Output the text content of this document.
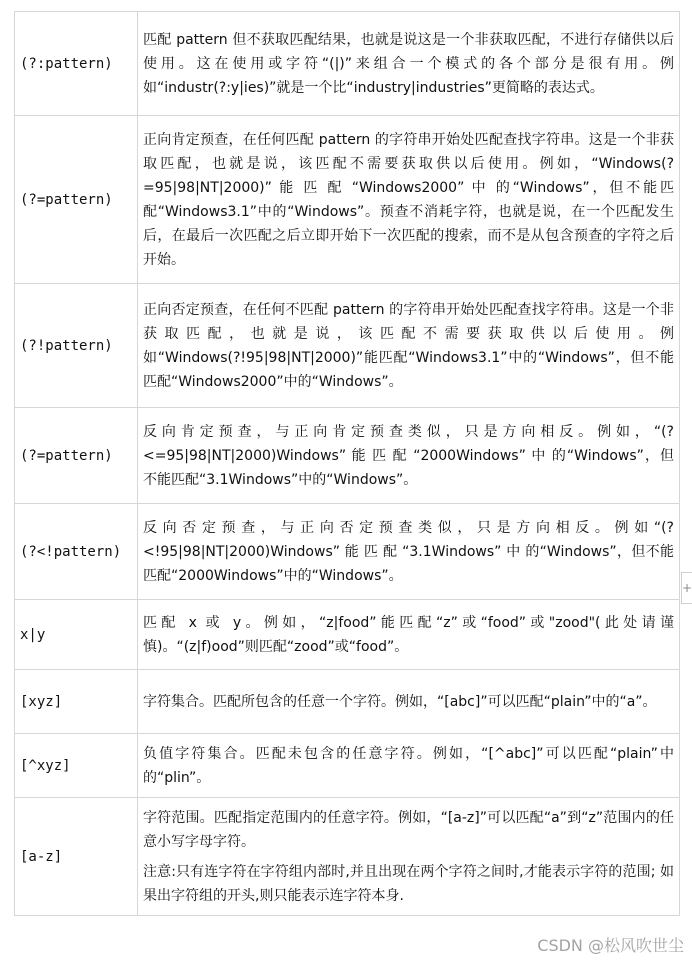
(?:pattern)	匹配 pattern 但不获取匹配结果，也就是说这是一个非获取匹配，不进行存储供以后使用。这在使用或字符“(|)”来组合一个模式的各个部分是很有用。例如“industr(?:y|ies)”就是一个比“industry|industries”更简略的表达式。

(?=pattern)	正向肯定预查，在任何匹配 pattern 的字符串开始处匹配查找字符串。这是一个非获取匹配，也就是说，该匹配不需要获取供以后使用。例如，“Windows(?=95|98|NT|2000)” 能 匹 配 “Windows2000” 中 的“Windows”，但不能匹配“Windows3.1”中的“Windows”。预查不消耗字符，也就是说，在一个匹配发生后，在最后一次匹配之后立即开始下一次匹配的搜索，而不是从包含预查的字符之后开始。

(?!pattern)	正向否定预查，在任何不匹配 pattern 的字符串开始处匹配查找字符串。这是一个非获取匹配，也就是说，该匹配不需要获取供以后使用。例如“Windows(?!95|98|NT|2000)”能匹配“Windows3.1”中的“Windows”，但不能匹配“Windows2000”中的“Windows”。

(?=pattern)	反向肯定预查，与正向肯定预查类似，只是方向相反。例如，“(?<=95|98|NT|2000)Windows” 能 匹 配 “2000Windows” 中 的“Windows”，但不能匹配“3.1Windows”中的“Windows”。

(?<!pattern)	反向否定预查，与正向否定预查类似，只是方向相反。例如“(?<!95|98|NT|2000)Windows” 能 匹 配 “3.1Windows” 中 的“Windows”，但不能匹配“2000Windows”中的“Windows”。

x|y	匹配 x 或 y。例如，“z|food”能匹配“z”或“food”或"zood"(此处请谨慎)。“(z|f)ood”则匹配“zood”或“food”。

[xyz]	字符集合。匹配所包含的任意一个字符。例如，“[abc]”可以匹配“plain”中的“a”。

[^xyz]	负值字符集合。匹配未包含的任意字符。例如，“[^abc]”可以匹配“plain”中的“plin”。

[a-z]	字符范围。匹配指定范围内的任意字符。例如，“[a-z]”可以匹配“a”到“z”范围内的任意小写字母字符。

注意:只有连字符在字符组内部时,并且出现在两个字符之间时,才能表示字符的范围; 如果出字符组的开头,则只能表示连字符本身.

+
CSDN @松风吹世尘
